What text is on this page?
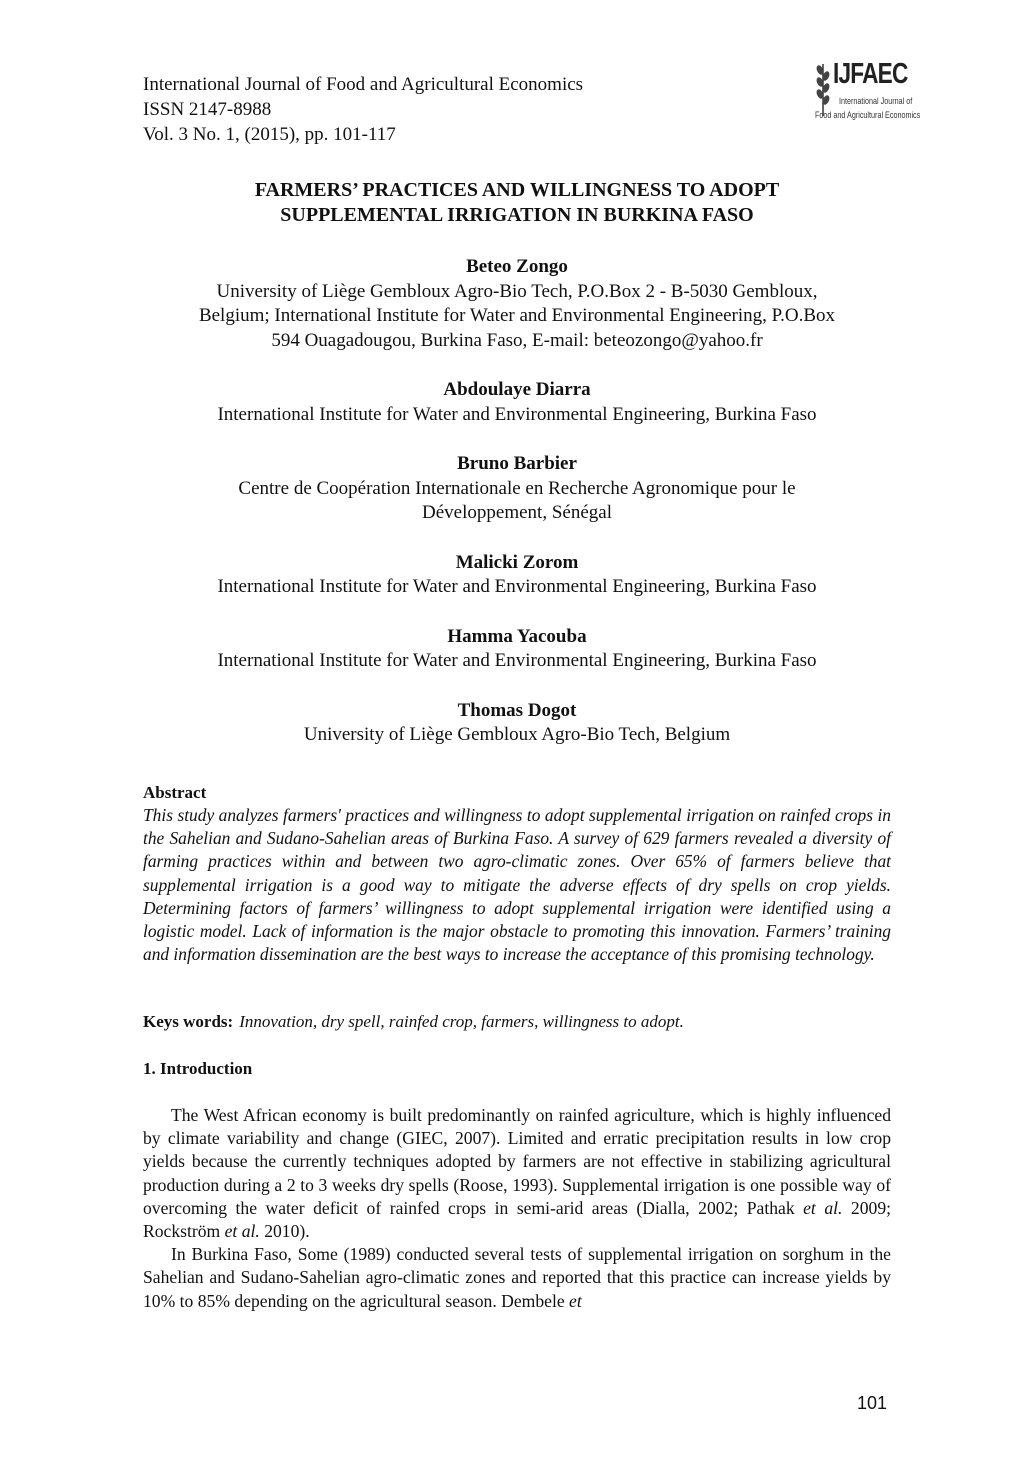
International Journal of Food and Agricultural Economics
ISSN 2147-8988
Vol. 3 No. 1, (2015), pp. 101-117
IJFAEC
International Journal of
Food and Agricultural Economics
FARMERS’ PRACTICES AND WILLINGNESS TO ADOPT
SUPPLEMENTAL IRRIGATION IN BURKINA FASO
Beteo Zongo
University of Liège Gembloux Agro-Bio Tech, P.O.Box 2 - B-5030 Gembloux,
Belgium; International Institute for Water and Environmental Engineering, P.O.Box
594 Ouagadougou, Burkina Faso, E-mail: beteozongo@yahoo.fr
Abdoulaye Diarra
International Institute for Water and Environmental Engineering, Burkina Faso
Bruno Barbier
Centre de Coopération Internationale en Recherche Agronomique pour le
Développement, Sénégal
Malicki Zorom
International Institute for Water and Environmental Engineering, Burkina Faso
Hamma Yacouba
International Institute for Water and Environmental Engineering, Burkina Faso
Thomas Dogot
University of Liège Gembloux Agro-Bio Tech, Belgium
Abstract
This study analyzes farmers' practices and willingness to adopt supplemental irrigation on rainfed crops in the Sahelian and Sudano-Sahelian areas of Burkina Faso. A survey of 629 farmers revealed a diversity of farming practices within and between two agro-climatic zones. Over 65% of farmers believe that supplemental irrigation is a good way to mitigate the adverse effects of dry spells on crop yields. Determining factors of farmers’ willingness to adopt supplemental irrigation were identified using a logistic model. Lack of information is the major obstacle to promoting this innovation. Farmers’ training and information dissemination are the best ways to increase the acceptance of this promising technology.
Keys words: Innovation, dry spell, rainfed crop, farmers, willingness to adopt.
1. Introduction

The West African economy is built predominantly on rainfed agriculture, which is highly influenced by climate variability and change (GIEC, 2007). Limited and erratic precipitation results in low crop yields because the currently techniques adopted by farmers are not effective in stabilizing agricultural production during a 2 to 3 weeks dry spells (Roose, 1993). Supplemental irrigation is one possible way of overcoming the water deficit of rainfed crops in semi-arid areas (Dialla, 2002; Pathak et al. 2009; Rockström et al. 2010).

In Burkina Faso, Some (1989) conducted several tests of supplemental irrigation on sorghum in the Sahelian and Sudano-Sahelian agro-climatic zones and reported that this practice can increase yields by 10% to 85% depending on the agricultural season. Dembele et

101
